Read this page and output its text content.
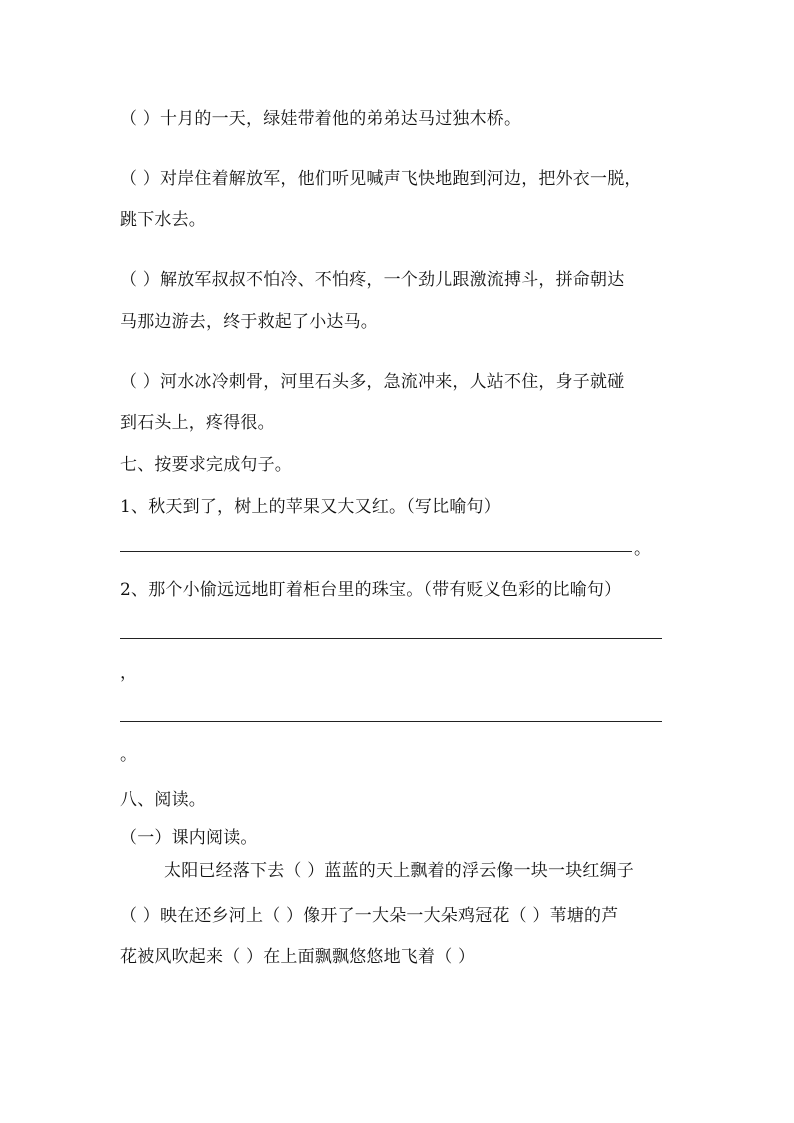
（ ）十月的一天，绿娃带着他的弟弟达马过独木桥。
（ ）对岸住着解放军，他们听见喊声飞快地跑到河边，把外衣一脱，
跳下水去。
（ ）解放军叔叔不怕冷、不怕疼，一个劲儿跟激流搏斗，拼命朝达
马那边游去，终于救起了小达马。
（ ）河水冰冷刺骨，河里石头多，急流冲来，人站不住，身子就碰
到石头上，疼得很。
七、按要求完成句子。
1、秋天到了，树上的苹果又大又红。（写比喻句）
。
2、那个小偷远远地盯着柜台里的珠宝。（带有贬义色彩的比喻句）
，
。
八、阅读。
（一）课内阅读。
太阳已经落下去（ ）蓝蓝的天上飘着的浮云像一块一块红绸子
（ ）映在还乡河上（ ）像开了一大朵一大朵鸡冠花（ ）苇塘的芦
花被风吹起来（ ）在上面飘飘悠悠地飞着（ ）
